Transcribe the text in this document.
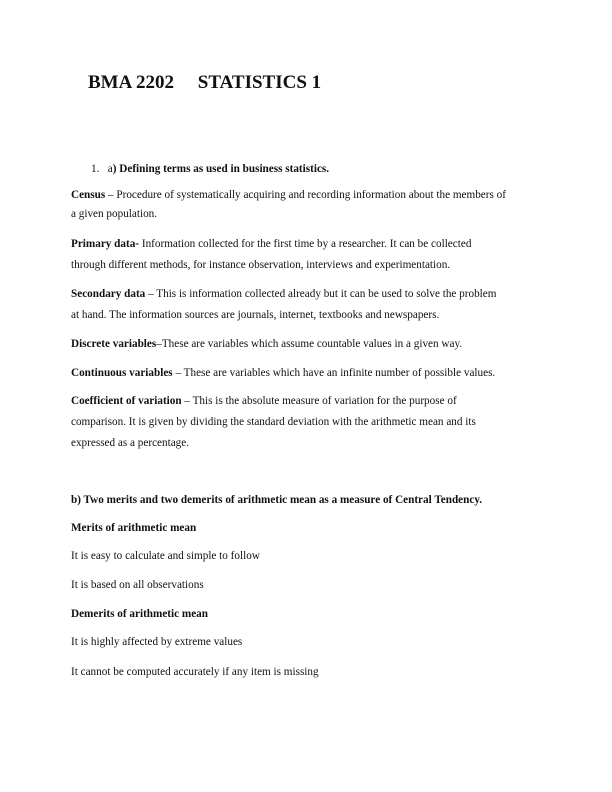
BMA 2202 STATISTICS 1
1. a) Defining terms as used in business statistics.
Census – Procedure of systematically acquiring and recording information about the members of
a given population.
Primary data- Information collected for the first time by a researcher. It can be collected
through different methods, for instance observation, interviews and experimentation.
Secondary data – This is information collected already but it can be used to solve the problem
at hand. The information sources are journals, internet, textbooks and newspapers.
Discrete variables–These are variables which assume countable values in a given way.
Continuous variables – These are variables which have an infinite number of possible values.
Coefficient of variation – This is the absolute measure of variation for the purpose of
comparison. It is given by dividing the standard deviation with the arithmetic mean and its
expressed as a percentage.
b) Two merits and two demerits of arithmetic mean as a measure of Central Tendency.
Merits of arithmetic mean
It is easy to calculate and simple to follow
It is based on all observations
Demerits of arithmetic mean
It is highly affected by extreme values
It cannot be computed accurately if any item is missing
